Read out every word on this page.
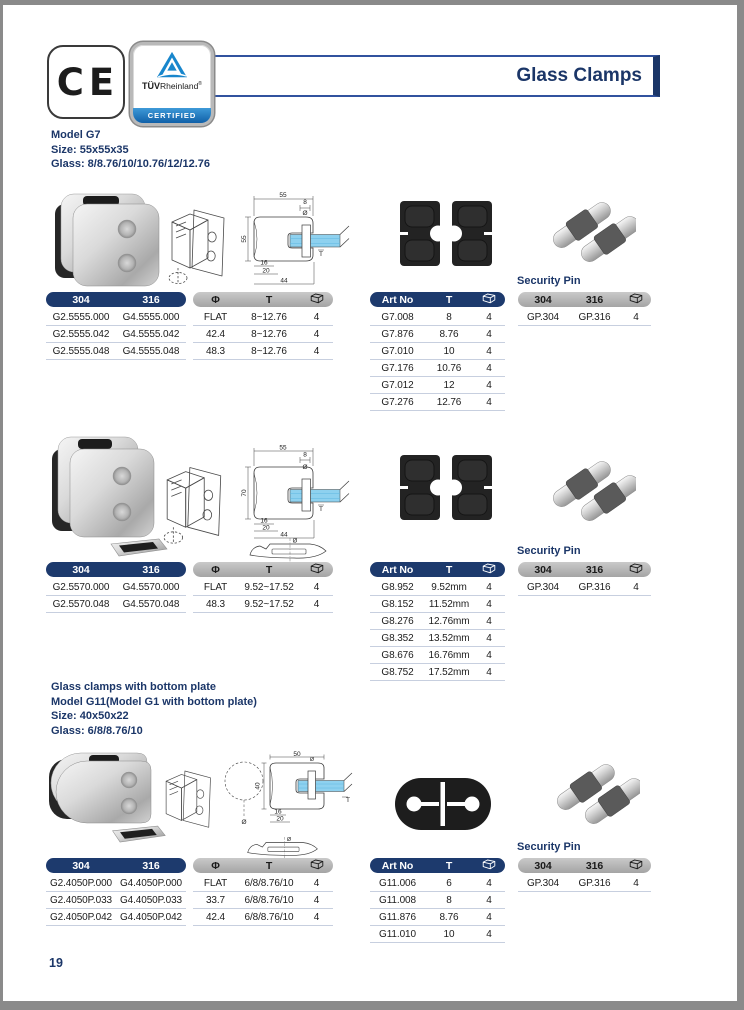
CE	Glass Clamps
TÜVRheinland®
CERTIFIED
Model G7
Size: 55x55x35
Glass: 8/8.76/10/10.76/12/12.76
55
8
Ø
55
16
20
44
T
Security Pin
304	316	Φ	T
G2.5555.000	G4.5555.000	FLAT	8~12.76	4
G2.5555.042	G4.5555.042	42.4	8~12.76	4
G2.5555.048	G4.5555.048	48.3	8~12.76	4
Art No	T
G7.008	8	4
G7.876	8.76	4
G7.010	10	4
G7.176	10.76	4
G7.012	12	4
G7.276	12.76	4
304	316
GP.304	GP.316	4
55
8
Ø
70
16
20
44
T
Ø
Security Pin
304	316	Φ	T
G2.5570.000	G4.5570.000	FLAT	9.52~17.52	4
G2.5570.048	G4.5570.048	48.3	9.52~17.52	4
Art No	T
G8.952	9.52mm	4
G8.152	11.52mm	4
G8.276	12.76mm	4
G8.352	13.52mm	4
G8.676	16.76mm	4
G8.752	17.52mm	4
304	316
GP.304	GP.316	4
Glass clamps with bottom plate
Model G11(Model G1 with bottom plate)
Size: 40x50x22
Glass: 6/8/8.76/10
Ø
50
40
Ø
16
20
T
Ø
Security Pin
304	316	Φ	T
G2.4050P.000 G4.4050P.000	FLAT	6/8/8.76/10	4
G2.4050P.033 G4.4050P.033	33.7	6/8/8.76/10	4
G2.4050P.042 G4.4050P.042	42.4	6/8/8.76/10	4
Art No	T
G11.006	6	4
G11.008	8	4
G11.876	8.76	4
G11.010	10	4
304	316
GP.304	GP.316	4
19
